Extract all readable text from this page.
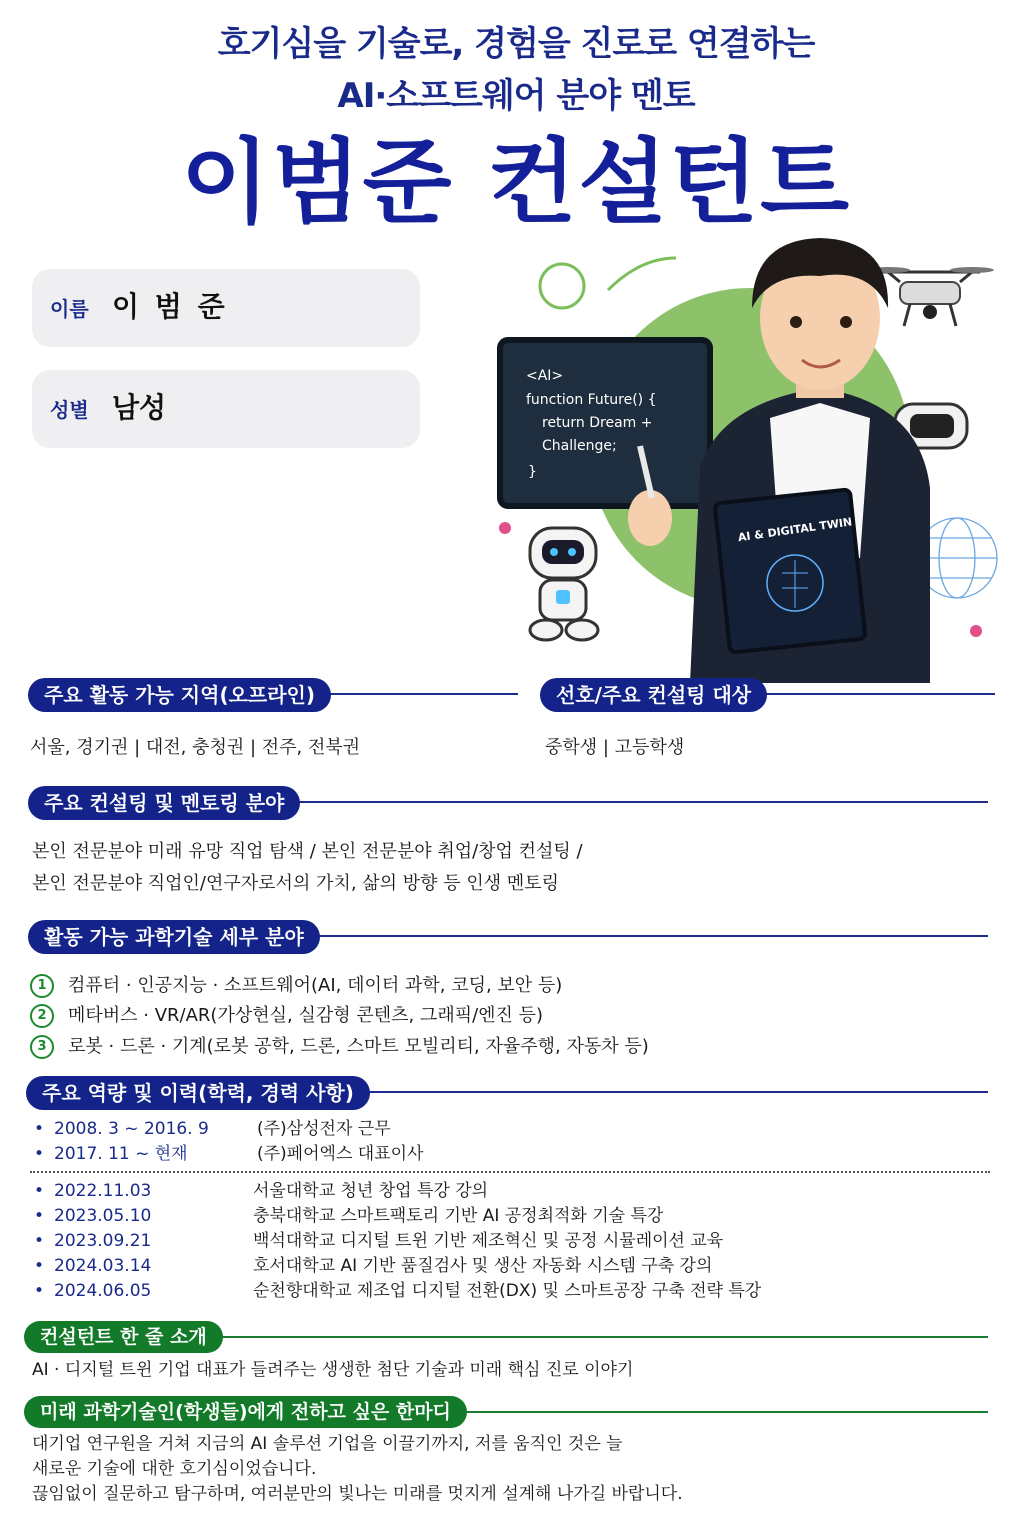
호기심을 기술로, 경험을 진로로 연결하는
AI·소프트웨어 분야 멘토
이범준 컨설턴트
이름 이 범 준
성별 남성
<AI>
function Future() {
return Dream +
Challenge;
}
AI & DIGITAL TWIN
주요 활동 가능 지역(오프라인)
서울, 경기권 | 대전, 충청권 | 전주, 전북권
선호/주요 컨설팅 대상
중학생 | 고등학생
주요 컨설팅 및 멘토링 분야
본인 전문분야 미래 유망 직업 탐색 / 본인 전문분야 취업/창업 컨설팅 /
본인 전문분야 직업인/연구자로서의 가치, 삶의 방향 등 인생 멘토링
활동 가능 과학기술 세부 분야
1 컴퓨터 · 인공지능 · 소프트웨어(AI, 데이터 과학, 코딩, 보안 등)
2 메타버스 · VR/AR(가상현실, 실감형 콘텐츠, 그래픽/엔진 등)
3 로봇 · 드론 · 기계(로봇 공학, 드론, 스마트 모빌리티, 자율주행, 자동차 등)
주요 역량 및 이력(학력, 경력 사항)
• 2008. 3 ~ 2016. 9	(주)삼성전자 근무
• 2017. 11 ~ 현재	(주)페어엑스 대표이사
• 2022.11.03	서울대학교 청년 창업 특강 강의
• 2023.05.10	충북대학교 스마트팩토리 기반 AI 공정최적화 기술 특강
• 2023.09.21	백석대학교 디지털 트윈 기반 제조혁신 및 공정 시뮬레이션 교육
• 2024.03.14	호서대학교 AI 기반 품질검사 및 생산 자동화 시스템 구축 강의
• 2024.06.05	순천향대학교 제조업 디지털 전환(DX) 및 스마트공장 구축 전략 특강
컨설턴트 한 줄 소개
AI · 디지털 트윈 기업 대표가 들려주는 생생한 첨단 기술과 미래 핵심 진로 이야기
미래 과학기술인(학생들)에게 전하고 싶은 한마디
대기업 연구원을 거쳐 지금의 AI 솔루션 기업을 이끌기까지, 저를 움직인 것은 늘
새로운 기술에 대한 호기심이었습니다.
끊임없이 질문하고 탐구하며, 여러분만의 빛나는 미래를 멋지게 설계해 나가길 바랍니다.
